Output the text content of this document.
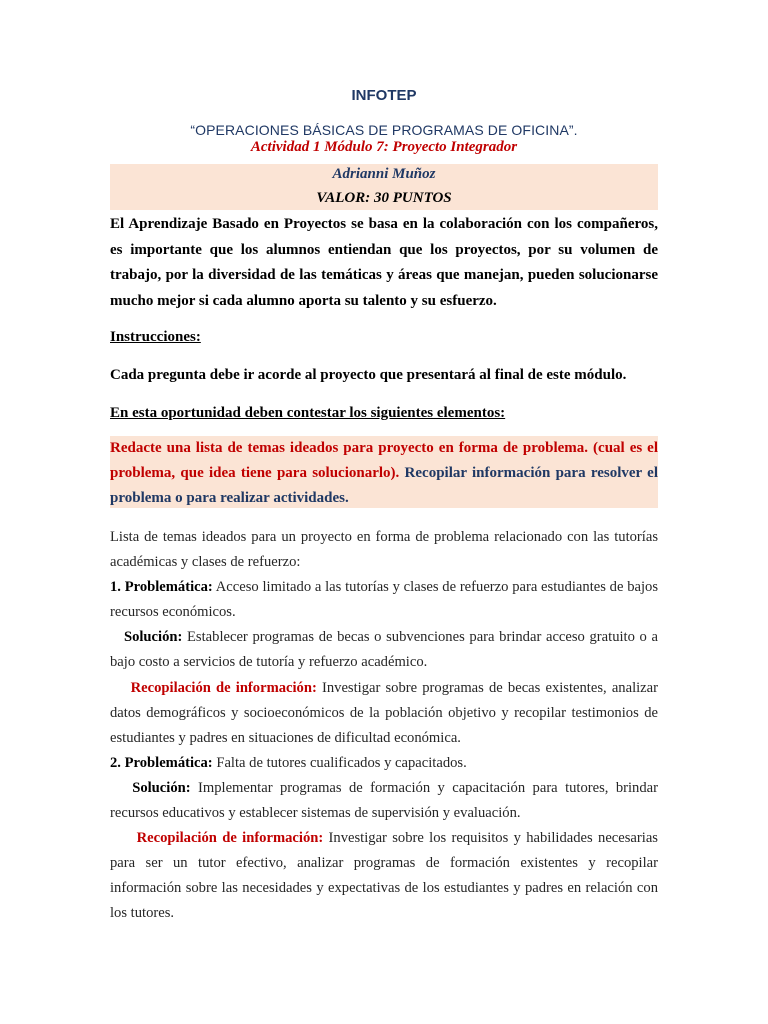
INFOTEP
“OPERACIONES BÁSICAS DE PROGRAMAS DE OFICINA”.
Actividad 1 Módulo 7: Proyecto Integrador
Adrianni Muñoz
VALOR: 30 PUNTOS
El Aprendizaje Basado en Proyectos se basa en la colaboración con los compañeros, es importante que los alumnos entiendan que los proyectos, por su volumen de trabajo, por la diversidad de las temáticas y áreas que manejan, pueden solucionarse mucho mejor si cada alumno aporta su talento y su esfuerzo.
Instrucciones:
Cada pregunta debe ir acorde al proyecto que presentará al final de este módulo.
En esta oportunidad deben contestar los siguientes elementos:
Redacte una lista de temas ideados para proyecto en forma de problema. (cual es el problema, que idea tiene para solucionarlo). Recopilar información para resolver el problema o para realizar actividades.

Lista de temas ideados para un proyecto en forma de problema relacionado con las tutorías académicas y clases de refuerzo:

1. Problemática: Acceso limitado a las tutorías y clases de refuerzo para estudiantes de bajos recursos económicos.

Solución: Establecer programas de becas o subvenciones para brindar acceso gratuito o a bajo costo a servicios de tutoría y refuerzo académico.

Recopilación de información: Investigar sobre programas de becas existentes, analizar datos demográficos y socioeconómicos de la población objetivo y recopilar testimonios de estudiantes y padres en situaciones de dificultad económica.

2. Problemática: Falta de tutores cualificados y capacitados.

Solución: Implementar programas de formación y capacitación para tutores, brindar recursos educativos y establecer sistemas de supervisión y evaluación.

Recopilación de información: Investigar sobre los requisitos y habilidades necesarias para ser un tutor efectivo, analizar programas de formación existentes y recopilar información sobre las necesidades y expectativas de los estudiantes y padres en relación con los tutores.
